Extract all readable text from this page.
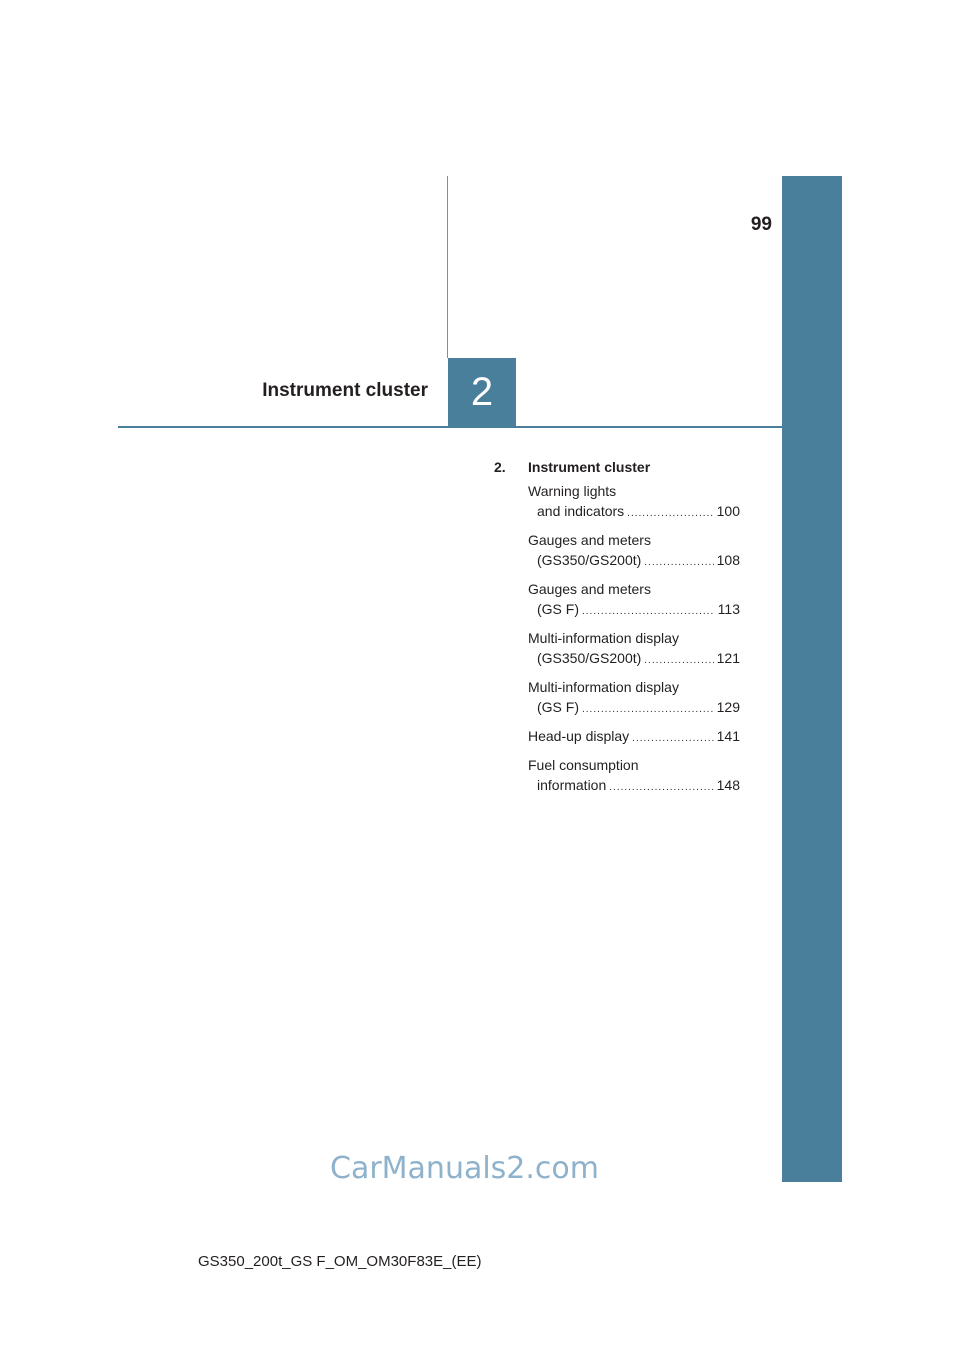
99
Instrument cluster	2
2.	Instrument cluster
Warning lights
and indicators .....	100
Gauges and meters
(GS350/GS200t) .....	108
Gauges and meters
(GS F) .....	113
Multi-information display
(GS350/GS200t) .....	121
Multi-information display
(GS F) .....	129
Head-up display .....	141
Fuel consumption
information .....	148
CarManuals2.com
GS350_200t_GS F_OM_OM30F83E_(EE)
